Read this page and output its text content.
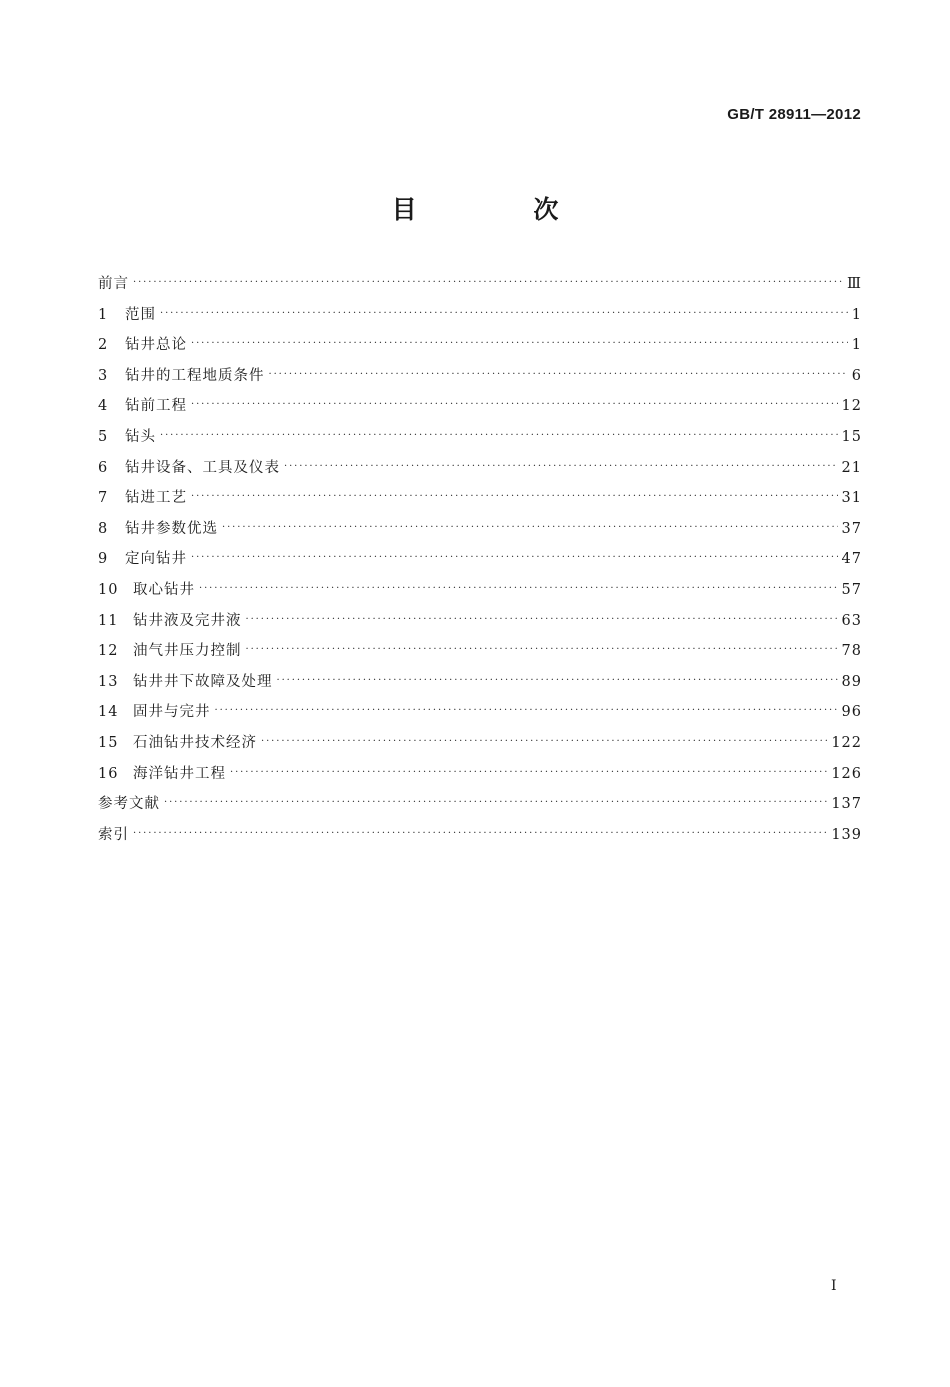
GB/T 28911—2012
目 次
前言 ·····	Ⅲ
1	范围 ·····	1
2	钻井总论 ·····	1
3	钻井的工程地质条件 ·····	6
4	钻前工程 ·····	12
5	钻头 ·····	15
6	钻井设备、工具及仪表 ·····	21
7	钻进工艺 ·····	31
8	钻井参数优选 ·····	37
9	定向钻井 ·····	47
10	取心钻井 ·····	57
11	钻井液及完井液 ·····	63
12	油气井压力控制 ·····	78
13	钻井井下故障及处理 ·····	89
14	固井与完井 ·····	96
15	石油钻井技术经济 ·····	122
16	海洋钻井工程 ·····	126
参考文献 ·····	137
索引 ·····	139
Ⅰ
